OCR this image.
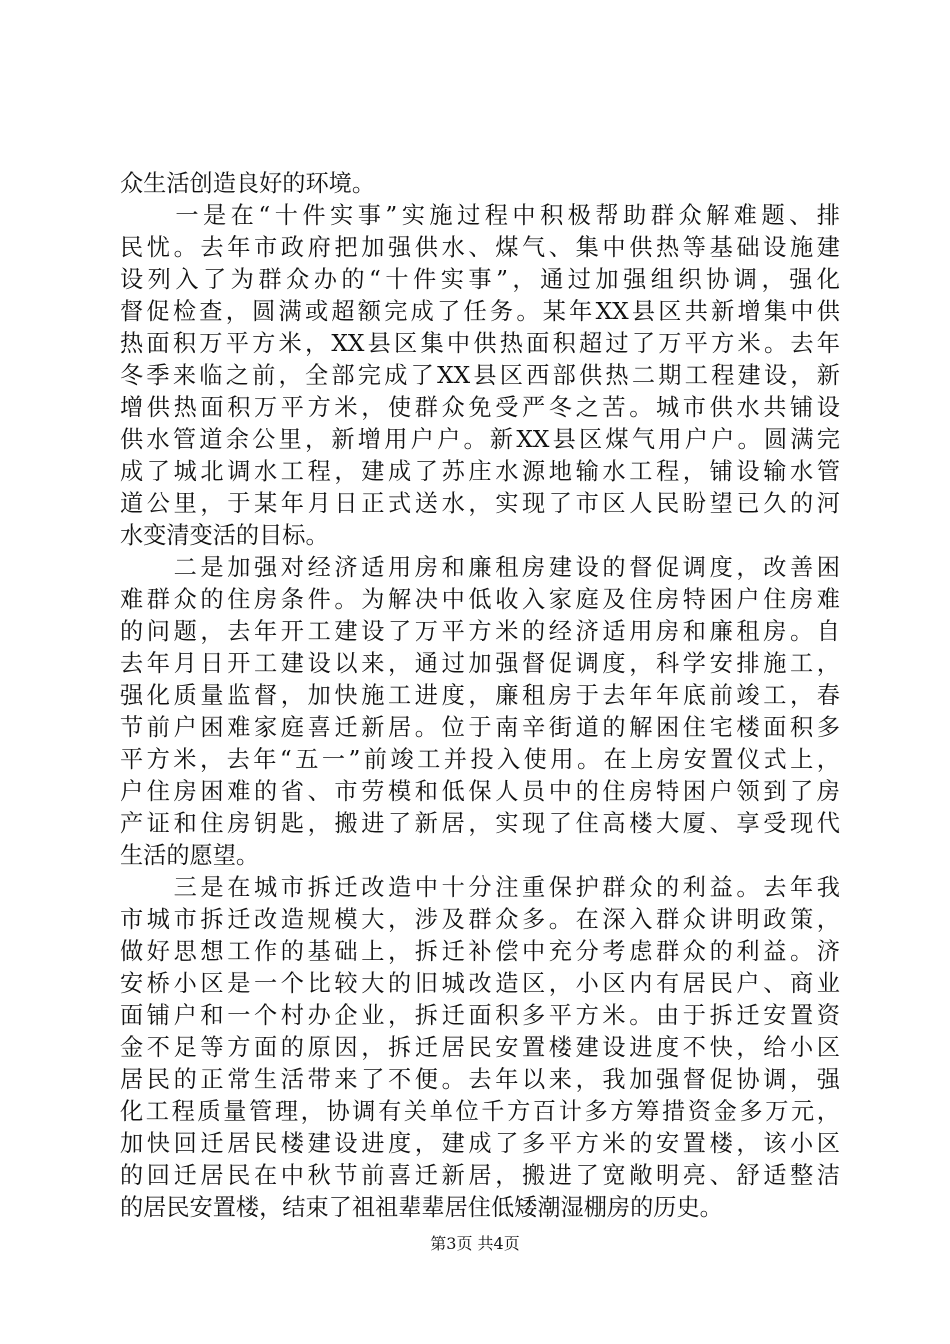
众生活创造良好的环境。
　　一是在“十件实事”实施过程中积极帮助群众解难题、排
民忧。去年市政府把加强供水、煤气、集中供热等基础设施建
设列入了为群众办的“十件实事”，通过加强组织协调，强化
督促检查，圆满或超额完成了任务。某年XX县区共新增集中供
热面积万平方米，XX县区集中供热面积超过了万平方米。去年
冬季来临之前，全部完成了XX县区西部供热二期工程建设，新
增供热面积万平方米，使群众免受严冬之苦。城市供水共铺设
供水管道余公里，新增用户户。新XX县区煤气用户户。圆满完
成了城北调水工程，建成了苏庄水源地输水工程，铺设输水管
道公里，于某年月日正式送水，实现了市区人民盼望已久的河
水变清变活的目标。
　　二是加强对经济适用房和廉租房建设的督促调度，改善困
难群众的住房条件。为解决中低收入家庭及住房特困户住房难
的问题，去年开工建设了万平方米的经济适用房和廉租房。自
去年月日开工建设以来，通过加强督促调度，科学安排施工，
强化质量监督，加快施工进度，廉租房于去年年底前竣工，春
节前户困难家庭喜迁新居。位于南辛街道的解困住宅楼面积多
平方米，去年“五一”前竣工并投入使用。在上房安置仪式上，
户住房困难的省、市劳模和低保人员中的住房特困户领到了房
产证和住房钥匙，搬进了新居，实现了住高楼大厦、享受现代
生活的愿望。
　　三是在城市拆迁改造中十分注重保护群众的利益。去年我
市城市拆迁改造规模大，涉及群众多。在深入群众讲明政策，
做好思想工作的基础上，拆迁补偿中充分考虑群众的利益。济
安桥小区是一个比较大的旧城改造区，小区内有居民户、商业
面铺户和一个村办企业，拆迁面积多平方米。由于拆迁安置资
金不足等方面的原因，拆迁居民安置楼建设进度不快，给小区
居民的正常生活带来了不便。去年以来，我加强督促协调，强
化工程质量管理，协调有关单位千方百计多方筹措资金多万元，
加快回迁居民楼建设进度，建成了多平方米的安置楼，该小区
的回迁居民在中秋节前喜迁新居，搬进了宽敞明亮、舒适整洁
的居民安置楼，结束了祖祖辈辈居住低矮潮湿棚房的历史。
第3页 共4页
